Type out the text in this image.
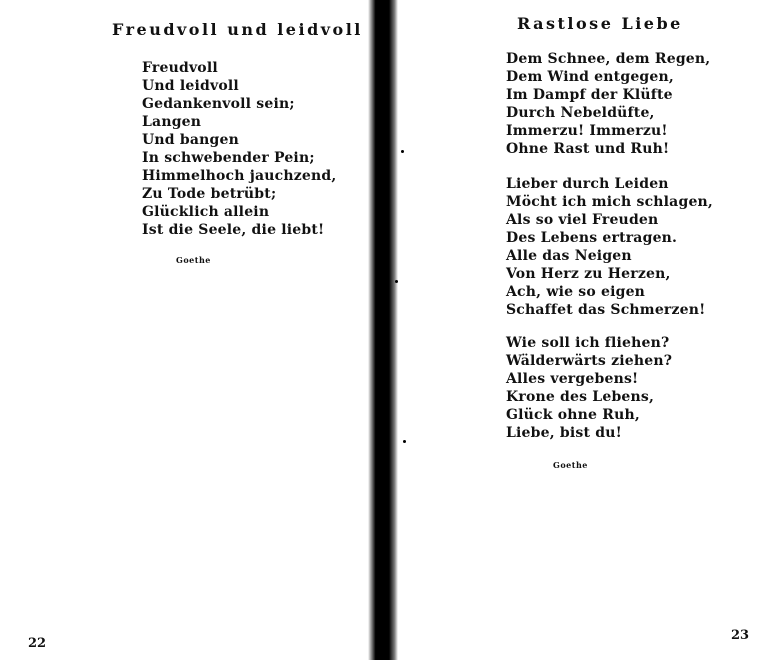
Freudvoll und leidvoll
Freudvoll
Und leidvoll
Gedankenvoll sein;
Langen
Und bangen
In schwebender Pein;
Himmelhoch jauchzend,
Zu Tode betrübt;
Glücklich allein
Ist die Seele, die liebt!

Goethe

22

Rastlose Liebe
Dem Schnee, dem Regen,
Dem Wind entgegen,
Im Dampf der Klüfte
Durch Nebeldüfte,
Immerzu! Immerzu!
Ohne Rast und Ruh!
Lieber durch Leiden
Möcht ich mich schlagen,
Als so viel Freuden
Des Lebens ertragen.
Alle das Neigen
Von Herz zu Herzen,
Ach, wie so eigen
Schaffet das Schmerzen!
Wie soll ich fliehen?
Wälderwärts ziehen?
Alles vergebens!
Krone des Lebens,
Glück ohne Ruh,
Liebe, bist du!

Goethe

23
